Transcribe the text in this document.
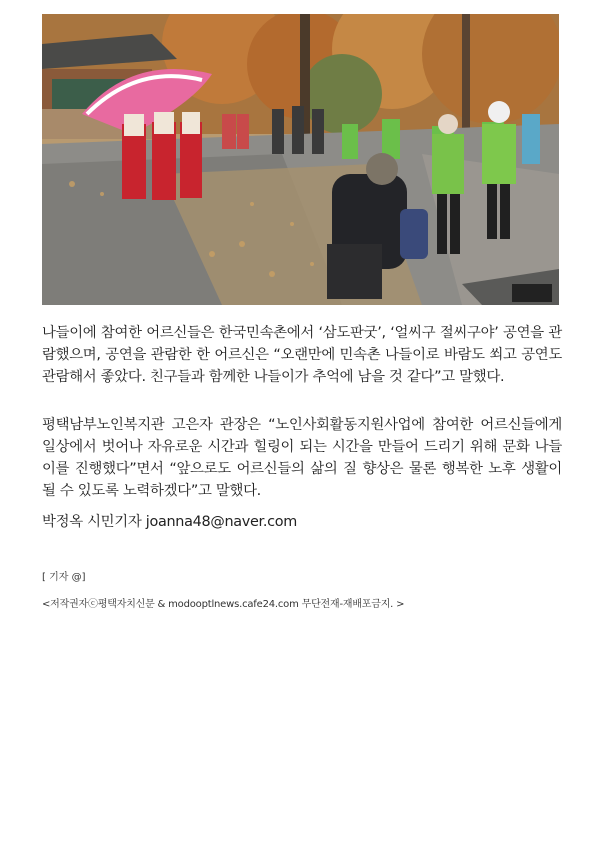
나들이에 참여한 어르신들은 한국민속촌에서 ‘삼도판굿’, ‘얼씨구 절씨구야’ 공연을 관람했으며, 공연을 관람한 한 어르신은 “오랜만에 민속촌 나들이로 바람도 쐬고 공연도 관람해서 좋았다. 친구들과 함께한 나들이가 추억에 남을 것 같다”고 말했다.

평택남부노인복지관 고은자 관장은 “노인사회활동지원사업에 참여한 어르신들에게 일상에서 벗어나 자유로운 시간과 힐링이 되는 시간을 만들어 드리기 위해 문화 나들이를 진행했다”면서 “앞으로도 어르신들의 삶의 질 향상은 물론 행복한 노후 생활이 될 수 있도록 노력하겠다”고 말했다.

박정옥 시민기자 joanna48@naver.com

[ 기자 @]

<저작권자ⓒ평택자치신문 & modooptlnews.cafe24.com 무단전재-재배포금지. >
